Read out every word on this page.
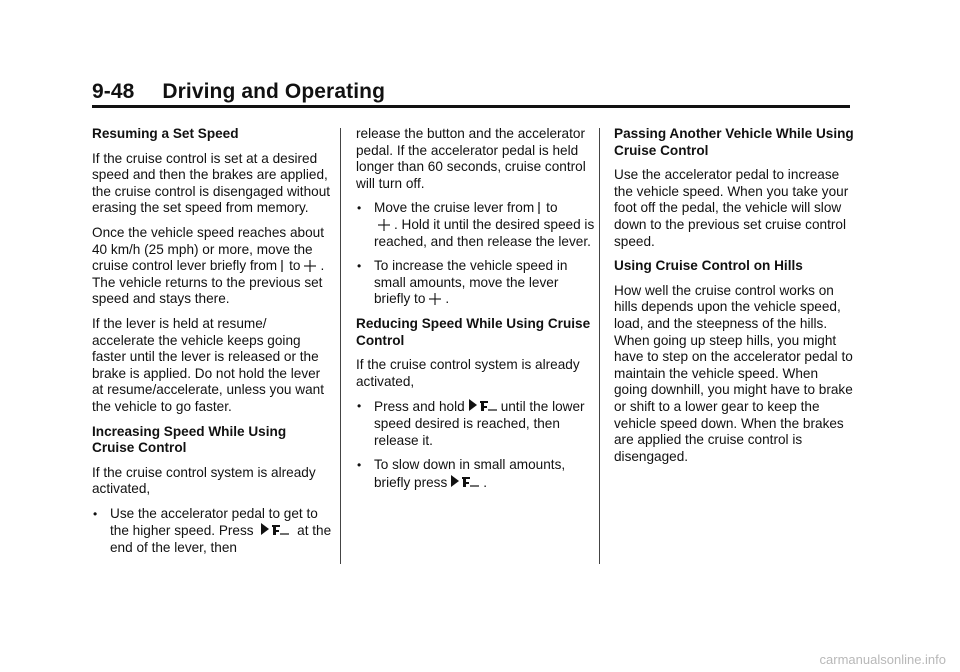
9-48 Driving and Operating
Resuming a Set Speed

If the cruise control is set at a desired speed and then the brakes are applied, the cruise control is disengaged without erasing the set speed from memory.

Once the vehicle speed reaches about 40 km/h (25 mph) or more, move the cruise control lever briefly from to . The vehicle returns to the previous set speed and stays there.

If the lever is held at resume/ accelerate the vehicle keeps going faster until the lever is released or the brake is applied. Do not hold the lever at resume/accelerate, unless you want the vehicle to go faster.

Increasing Speed While Using Cruise Control

If the cruise control system is already activated,

• Use the accelerator pedal to get to the higher speed. Press	at the end of the lever, then

release the button and the accelerator pedal. If the accelerator pedal is held longer than 60 seconds, cruise control will turn off.

• Move the cruise lever from to

. Hold it until the desired speed is reached, and then release the lever.
• To increase the vehicle speed in small amounts, move the lever briefly to .
Reducing Speed While Using Cruise Control

If the cruise control system is already activated,

• Press and hold	until the lower speed desired is reached, then release it.
• To slow down in small amounts, briefly press	.
Passing Another Vehicle While Using Cruise Control

Use the accelerator pedal to increase the vehicle speed. When you take your foot off the pedal, the vehicle will slow down to the previous set cruise control speed.

Using Cruise Control on Hills

How well the cruise control works on hills depends upon the vehicle speed, load, and the steepness of the hills. When going up steep hills, you might have to step on the accelerator pedal to maintain the vehicle speed. When going downhill, you might have to brake or shift to a lower gear to keep the vehicle speed down. When the brakes are applied the cruise control is disengaged.

carmanualsonline.info
